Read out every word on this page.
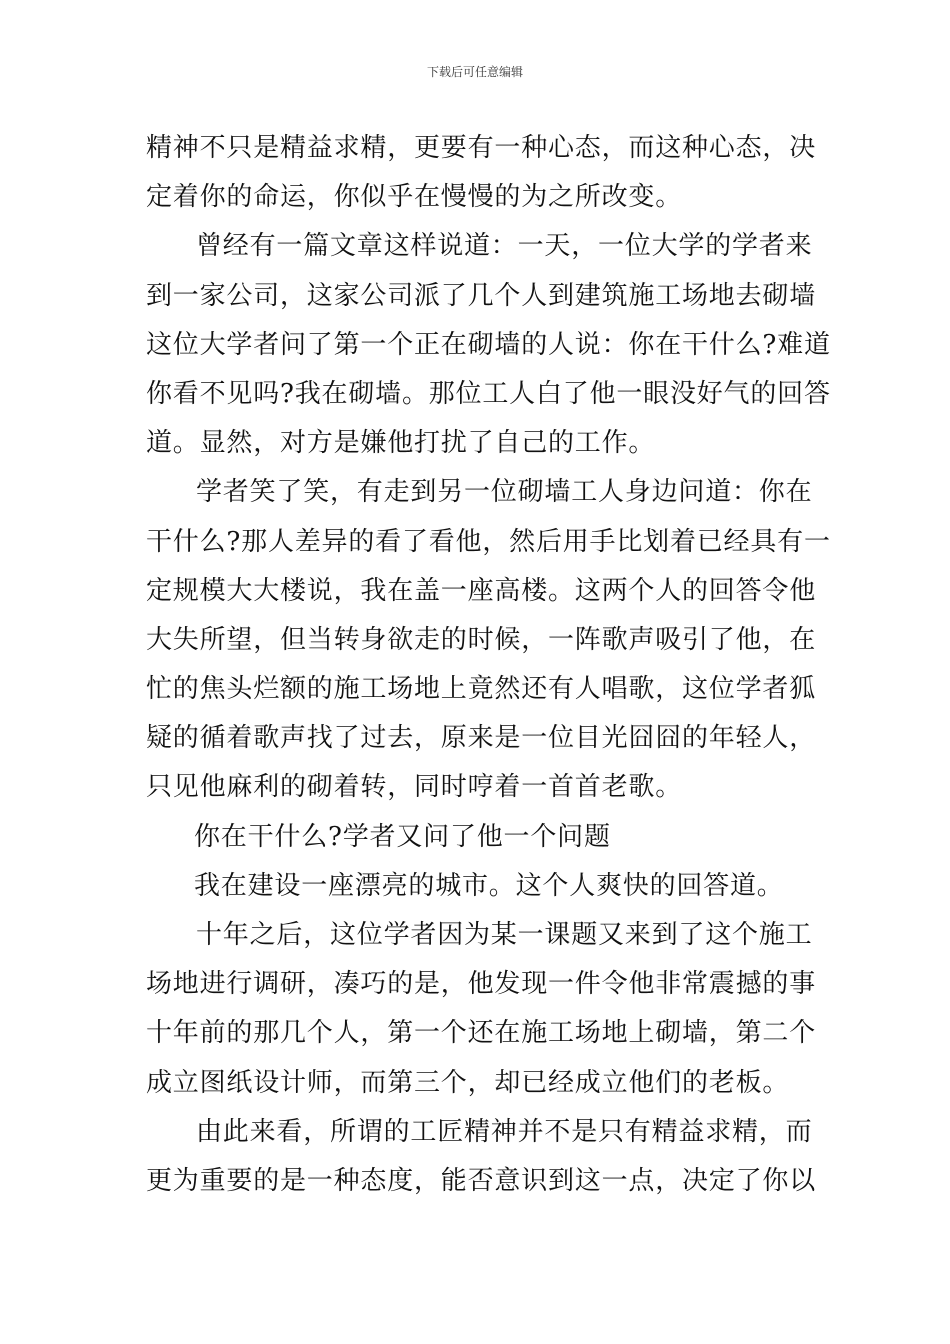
下载后可任意编辑
精神不只是精益求精，更要有一种心态，而这种心态，决
定着你的命运，你似乎在慢慢的为之所改变。
曾经有一篇文章这样说道：一天，一位大学的学者来
到一家公司，这家公司派了几个人到建筑施工场地去砌墙
这位大学者问了第一个正在砌墙的人说：你在干什么?难道
你看不见吗?我在砌墙。那位工人白了他一眼没好气的回答
道。显然，对方是嫌他打扰了自己的工作。
学者笑了笑，有走到另一位砌墙工人身边问道：你在
干什么?那人差异的看了看他，然后用手比划着已经具有一
定规模大大楼说，我在盖一座高楼。这两个人的回答令他
大失所望，但当转身欲走的时候，一阵歌声吸引了他，在
忙的焦头烂额的施工场地上竟然还有人唱歌，这位学者狐
疑的循着歌声找了过去，原来是一位目光囧囧的年轻人，
只见他麻利的砌着转，同时哼着一首首老歌。
你在干什么?学者又问了他一个问题
我在建设一座漂亮的城市。这个人爽快的回答道。
十年之后，这位学者因为某一课题又来到了这个施工
场地进行调研，凑巧的是，他发现一件令他非常震撼的事
十年前的那几个人，第一个还在施工场地上砌墙，第二个
成立图纸设计师，而第三个，却已经成立他们的老板。
由此来看，所谓的工匠精神并不是只有精益求精，而
更为重要的是一种态度，能否意识到这一点，决定了你以
